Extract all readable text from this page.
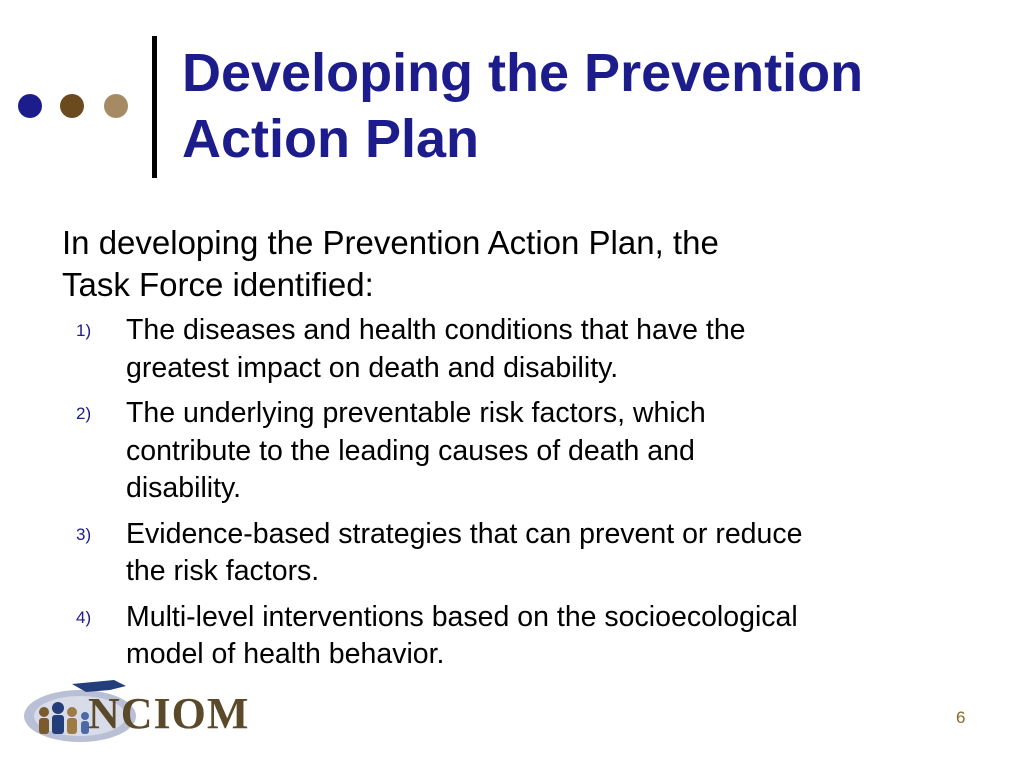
Developing the Prevention
Action Plan
In developing the Prevention Action Plan, the
Task Force identified:
1) The diseases and health conditions that have the
greatest impact on death and disability.
2) The underlying preventable risk factors, which
contribute to the leading causes of death and
disability.
3) Evidence-based strategies that can prevent or reduce
the risk factors.
4) Multi-level interventions based on the socioecological
model of health behavior.
NCIOM	6
